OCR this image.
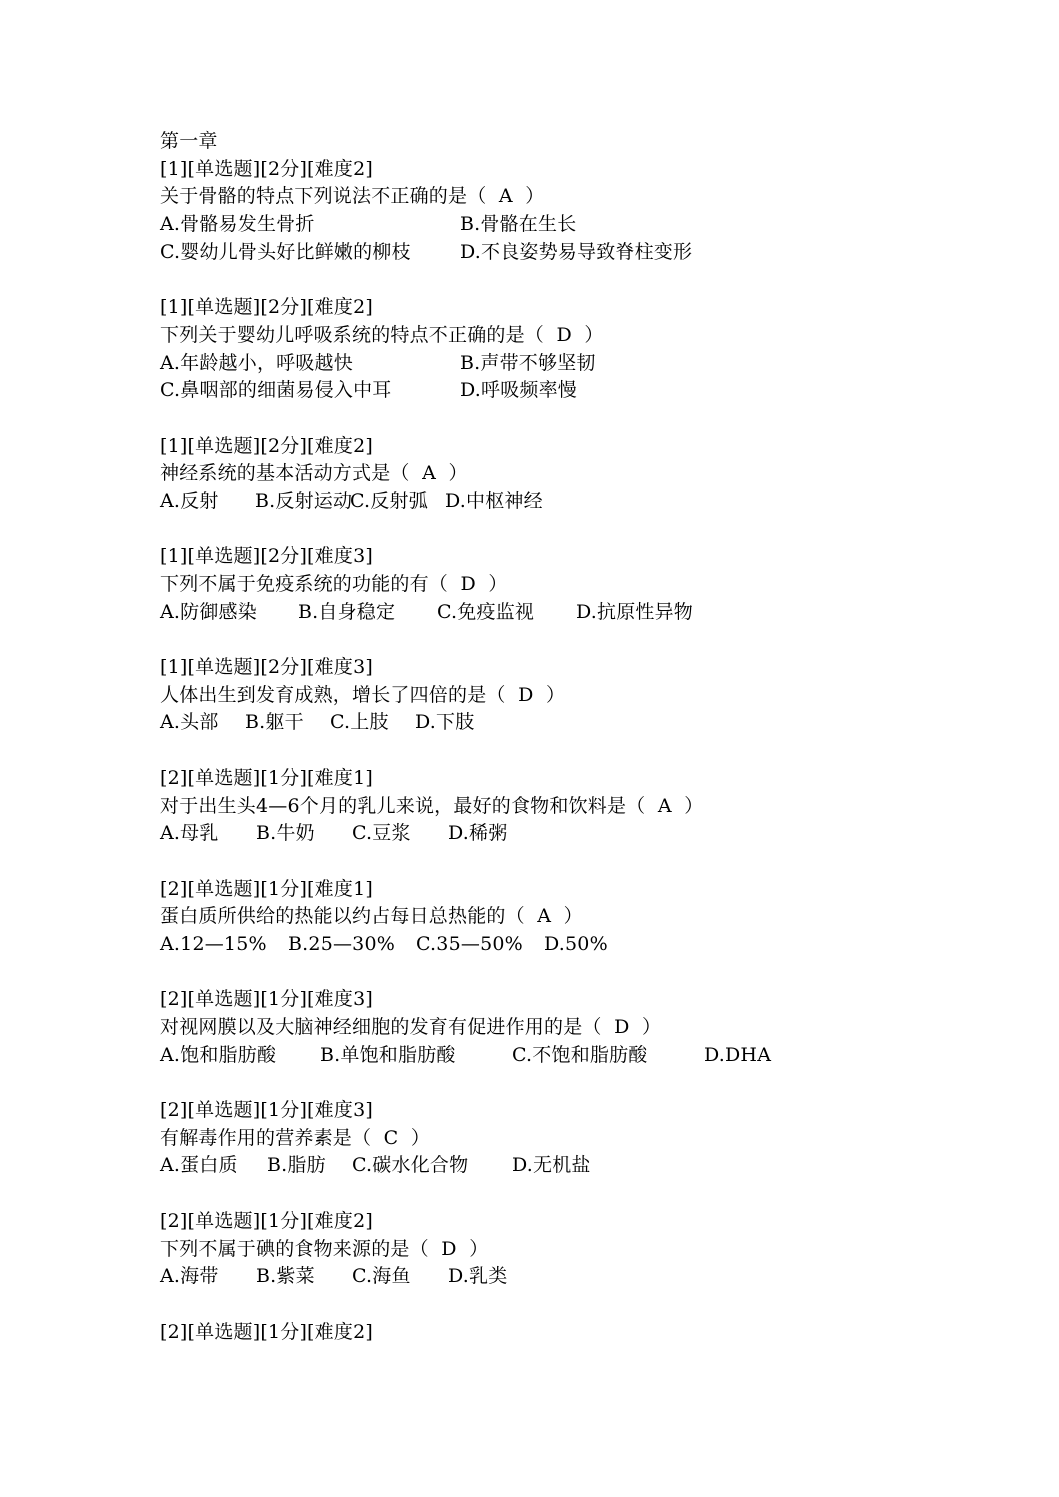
第一章
[1][单选题][2分][难度2]
关于骨骼的特点下列说法不正确的是（  A  ）
A.骨骼易发生骨折	B.骨骼在生长
C.婴幼儿骨头好比鲜嫩的柳枝	D.不良姿势易导致脊柱变形
[1][单选题][2分][难度2]
下列关于婴幼儿呼吸系统的特点不正确的是（  D  ）
A.年龄越小，呼吸越快	B.声带不够坚韧
C.鼻咽部的细菌易侵入中耳	D.呼吸频率慢
[1][单选题][2分][难度2]
神经系统的基本活动方式是（  A  ）
A.反射 B.反射运动
C.反射弧 D.中枢神经
[1][单选题][2分][难度3]
下列不属于免疫系统的功能的有（  D  ）
A.防御感染 B.自身稳定 C.免疫监视 D.抗原性异物
[1][单选题][2分][难度3]
人体出生到发育成熟，增长了四倍的是（  D  ）
A.头部 B.躯干 C.上肢 D.下肢
[2][单选题][1分][难度1]
对于出生头4—6个月的乳儿来说，最好的食物和饮料是（  A  ）
A.母乳 B.牛奶 C.豆浆 D.稀粥
[2][单选题][1分][难度1]
蛋白质所供给的热能以约占每日总热能的（  A  ）
A.12—15% B.25—30% C.35—50% D.50%
[2][单选题][1分][难度3]
对视网膜以及大脑神经细胞的发育有促进作用的是（  D  ）
A.饱和脂肪酸 B.单饱和脂肪酸	C.不饱和脂肪酸	D.DHA
[2][单选题][1分][难度3]
有解毒作用的营养素是（  C  ）
A.蛋白质 B.脂肪 C.碳水化合物 D.无机盐
[2][单选题][1分][难度2]
下列不属于碘的食物来源的是（  D  ）
A.海带 B.紫菜 C.海鱼 D.乳类
[2][单选题][1分][难度2]
